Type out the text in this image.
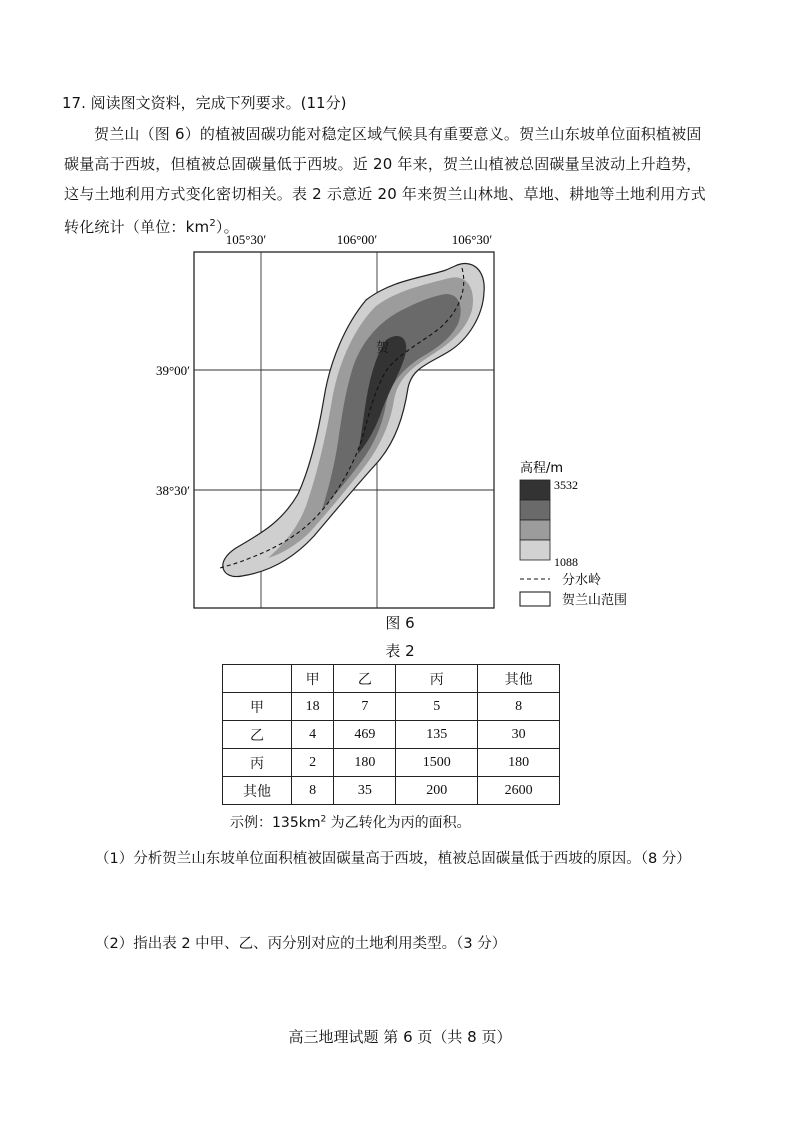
17. 阅读图文资料，完成下列要求。(11分)
贺兰山（图 6）的植被固碳功能对稳定区域气候具有重要意义。贺兰山东坡单位面积植被固碳量高于西坡，但植被总固碳量低于西坡。近 20 年来，贺兰山植被总固碳量呈波动上升趋势，这与土地利用方式变化密切相关。表 2 示意近 20 年来贺兰山林地、草地、耕地等土地利用方式转化统计（单位：$km^2$）。
105°30′	106°00′	106°30′
39°00′
38°30′
贺
高程/m
3532
1088
分水岭
贺兰山范围
图 6
表 2
	甲	乙	丙	其他
甲	18	7	5	8
乙	4	469	135	30
丙	2	180	1500	180
其他	8	35	200	2600
示例：$135km^2$ 为乙转化为丙的面积。
（1）分析贺兰山东坡单位面积植被固碳量高于西坡，植被总固碳量低于西坡的原因。（8 分）
（2）指出表 2 中甲、乙、丙分别对应的土地利用类型。（3 分）
高三地理试题 第 6 页（共 8 页）
